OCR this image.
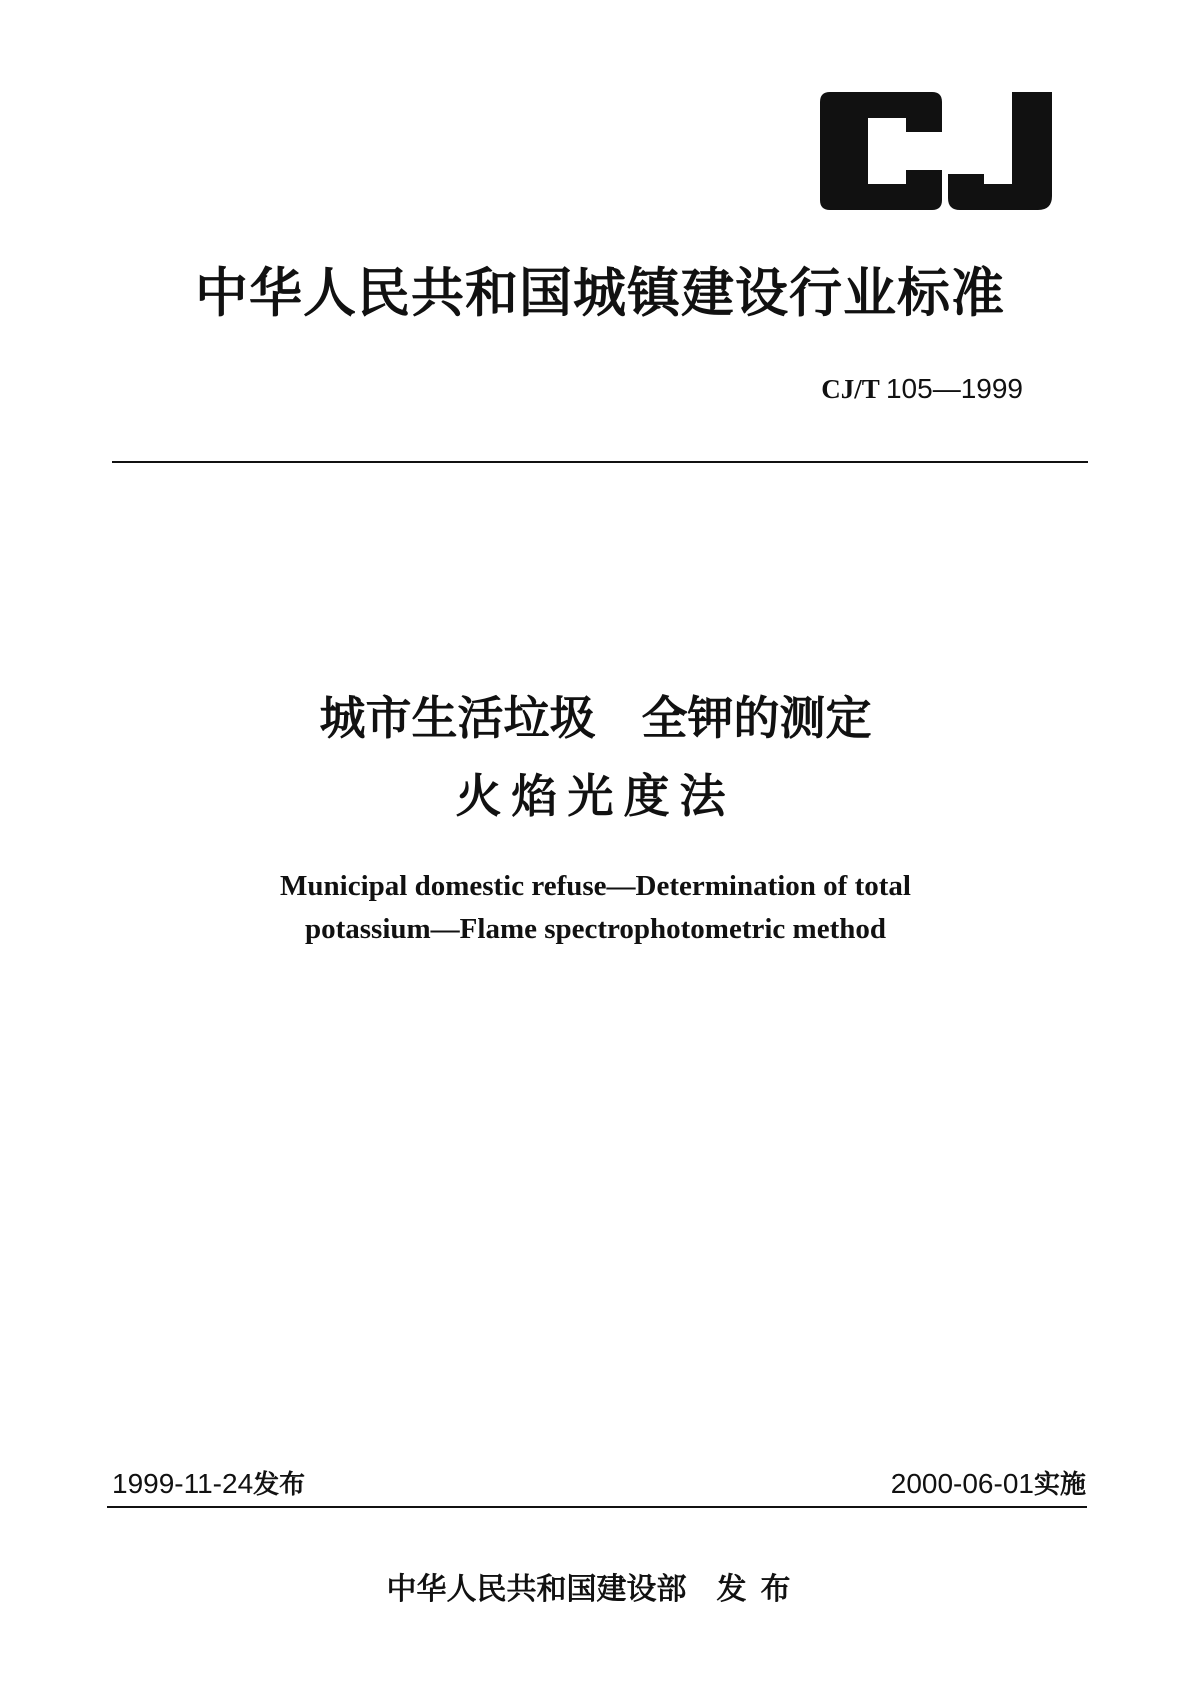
中华人民共和国城镇建设行业标准
CJ/T 105—1999
城市生活垃圾　全钾的测定
火焰光度法
Municipal domestic refuse—Determination of total
potassium—Flame spectrophotometric method
1999-11-24发布	2000-06-01实施
中华人民共和国建设部 发布
